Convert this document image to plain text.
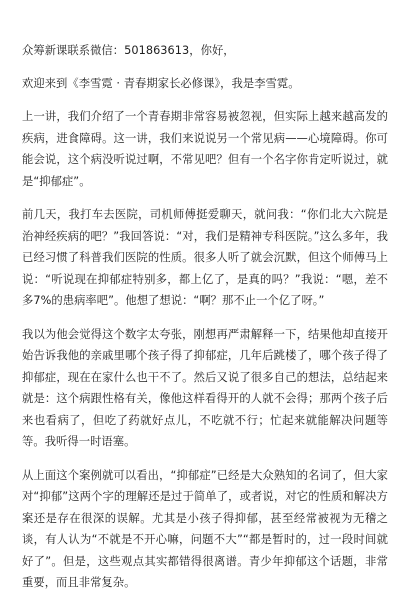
众筹新课联系微信：501863613，你好，

欢迎来到《李雪霓 · 青春期家长必修课》，我是李雪霓。

上一讲，我们介绍了一个青春期非常容易被忽视，但实际上越来越高发的疾病，进食障碍。这一讲，我们来说说另一个常见病——心境障碍。你可能会说，这个病没听说过啊，不常见吧？但有一个名字你肯定听说过，就是“抑郁症”。

前几天，我打车去医院，司机师傅挺爱聊天，就问我：“你们北大六院是治神经疾病的吧？”我回答说：“对，我们是精神专科医院。”这么多年，我已经习惯了科普我们医院的性质。很多人听了就会沉默，但这个师傅马上说：“听说现在抑郁症特别多，都上亿了，是真的吗？”我说：“嗯，差不多7%的患病率吧”。他想了想说：“啊？那不止一个亿了呀。”

我以为他会觉得这个数字太夸张，刚想再严肃解释一下，结果他却直接开始告诉我他的亲戚里哪个孩子得了抑郁症，几年后跳楼了，哪个孩子得了抑郁症，现在在家什么也干不了。然后又说了很多自己的想法，总结起来就是：这个病跟性格有关，像他这样看得开的人就不会得；那两个孩子后来也看病了，但吃了药就好点儿，不吃就不行；忙起来就能解决问题等等。我听得一时语塞。

从上面这个案例就可以看出，“抑郁症”已经是大众熟知的名词了，但大家对“抑郁”这两个字的理解还是过于简单了，或者说，对它的性质和解决方案还是存在很深的误解。尤其是小孩子得抑郁，甚至经常被视为无稽之谈，有人认为“不就是不开心嘛，问题不大”“都是暂时的，过一段时间就好了”。但是，这些观点其实都错得很离谱。青少年抑郁这个话题，非常重要，而且非常复杂。
